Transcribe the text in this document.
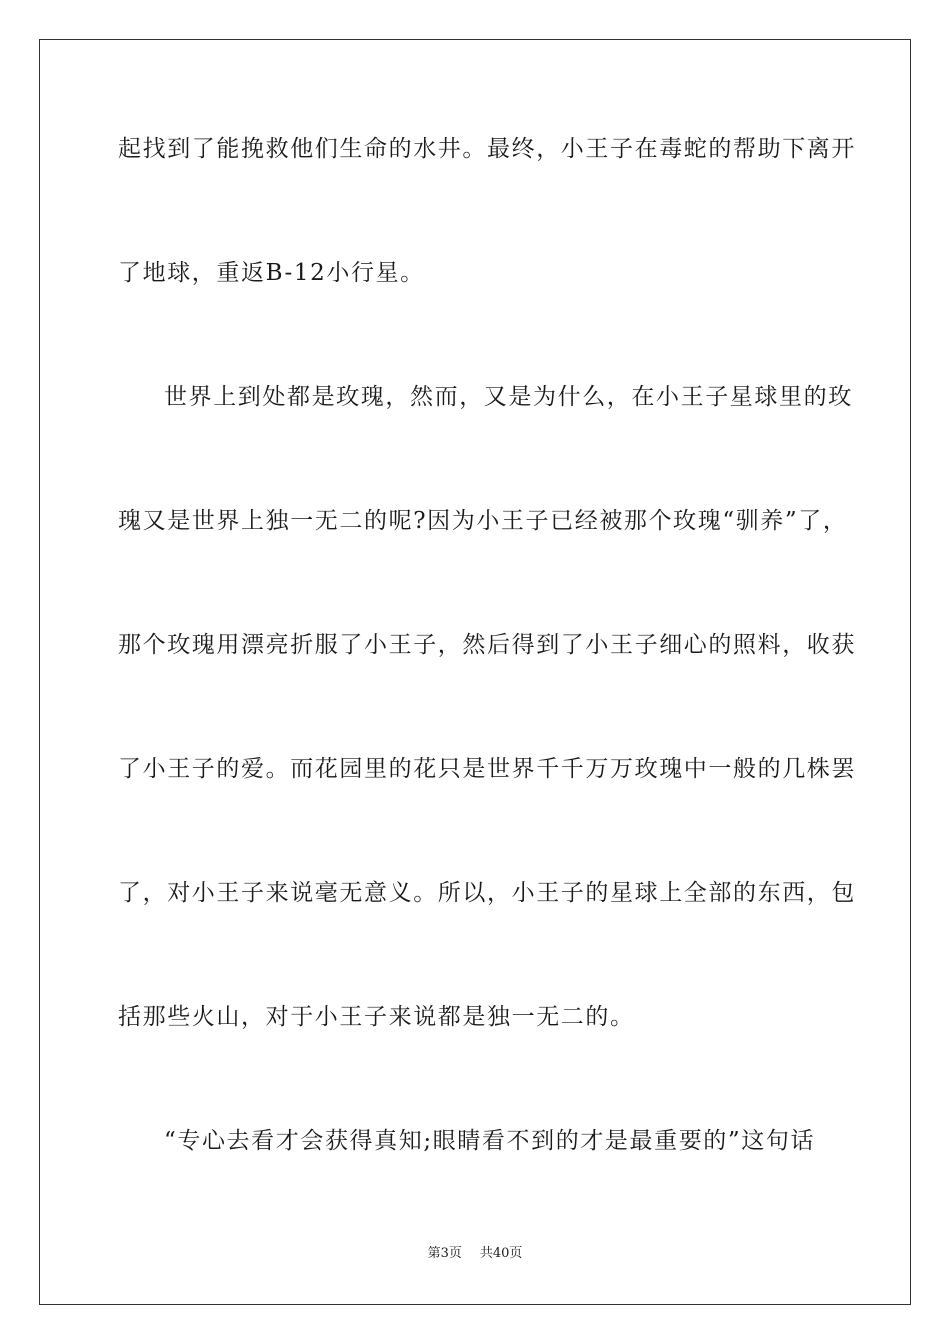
起找到了能挽救他们生命的水井。最终，小王子在毒蛇的帮助下离开
了地球，重返B-12小行星。
世界上到处都是玫瑰，然而，又是为什么，在小王子星球里的玫
瑰又是世界上独一无二的呢?因为小王子已经被那个玫瑰“驯养”了，
那个玫瑰用漂亮折服了小王子，然后得到了小王子细心的照料，收获
了小王子的爱。而花园里的花只是世界千千万万玫瑰中一般的几株罢
了，对小王子来说毫无意义。所以，小王子的星球上全部的东西，包
括那些火山，对于小王子来说都是独一无二的。
“专心去看才会获得真知;眼睛看不到的才是最重要的”这句话
第3页 共40页
